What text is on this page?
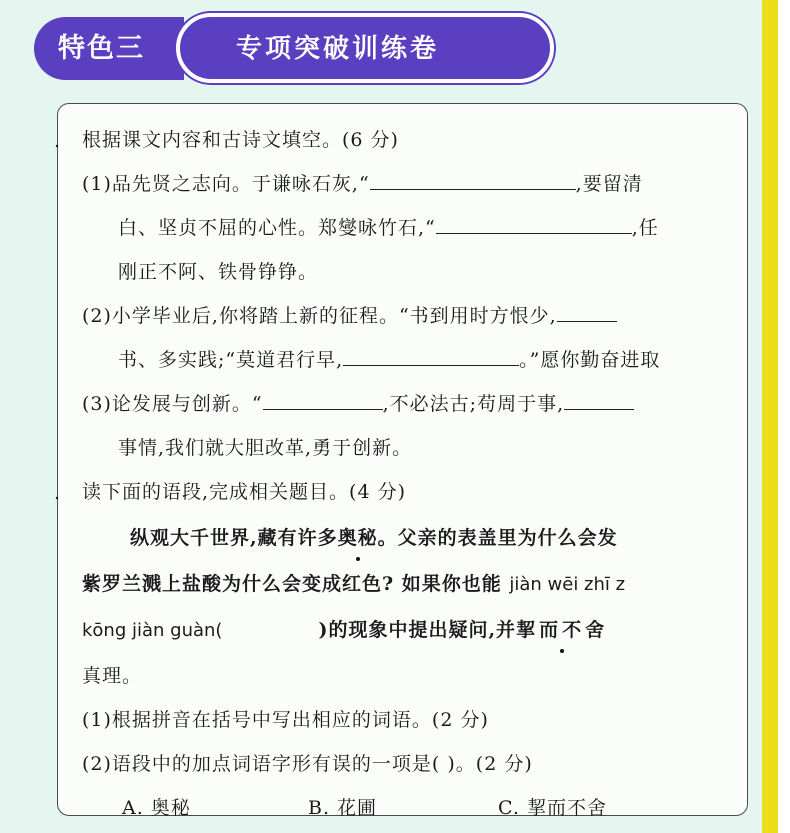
特色三	专项突破训练卷
. 根据课文内容和古诗文填空。(6 分)
(1)品先贤之志向。于谦咏石灰,“	,要留清
白、坚贞不屈的心性。郑燮咏竹石,“	,任
刚正不阿、铁骨铮铮。
(2)小学毕业后,你将踏上新的征程。“书到用时方恨少,
书、多实践;“莫道君行早,	。”愿你勤奋进取
(3)论发展与创新。“	,不必法古;苟周于事,
事情,我们就大胆改革,勇于创新。
. 读下面的语段,完成相关题目。(4 分)
纵观大千世界,藏有许多奥秘。父亲的表盖里为什么会发
紫罗兰溅上盐酸为什么会变成红色? 如果你也能 jiàn wēi zhī z
kōng jiàn guàn(	)的现象中提出疑问,并挈而不舍
真理。
(1)根据拼音在括号中写出相应的词语。(2 分)
(2)语段中的加点词语字形有误的一项是( )。(2 分)
A. 奥秘	B. 花圃	C. 挈而不舍
